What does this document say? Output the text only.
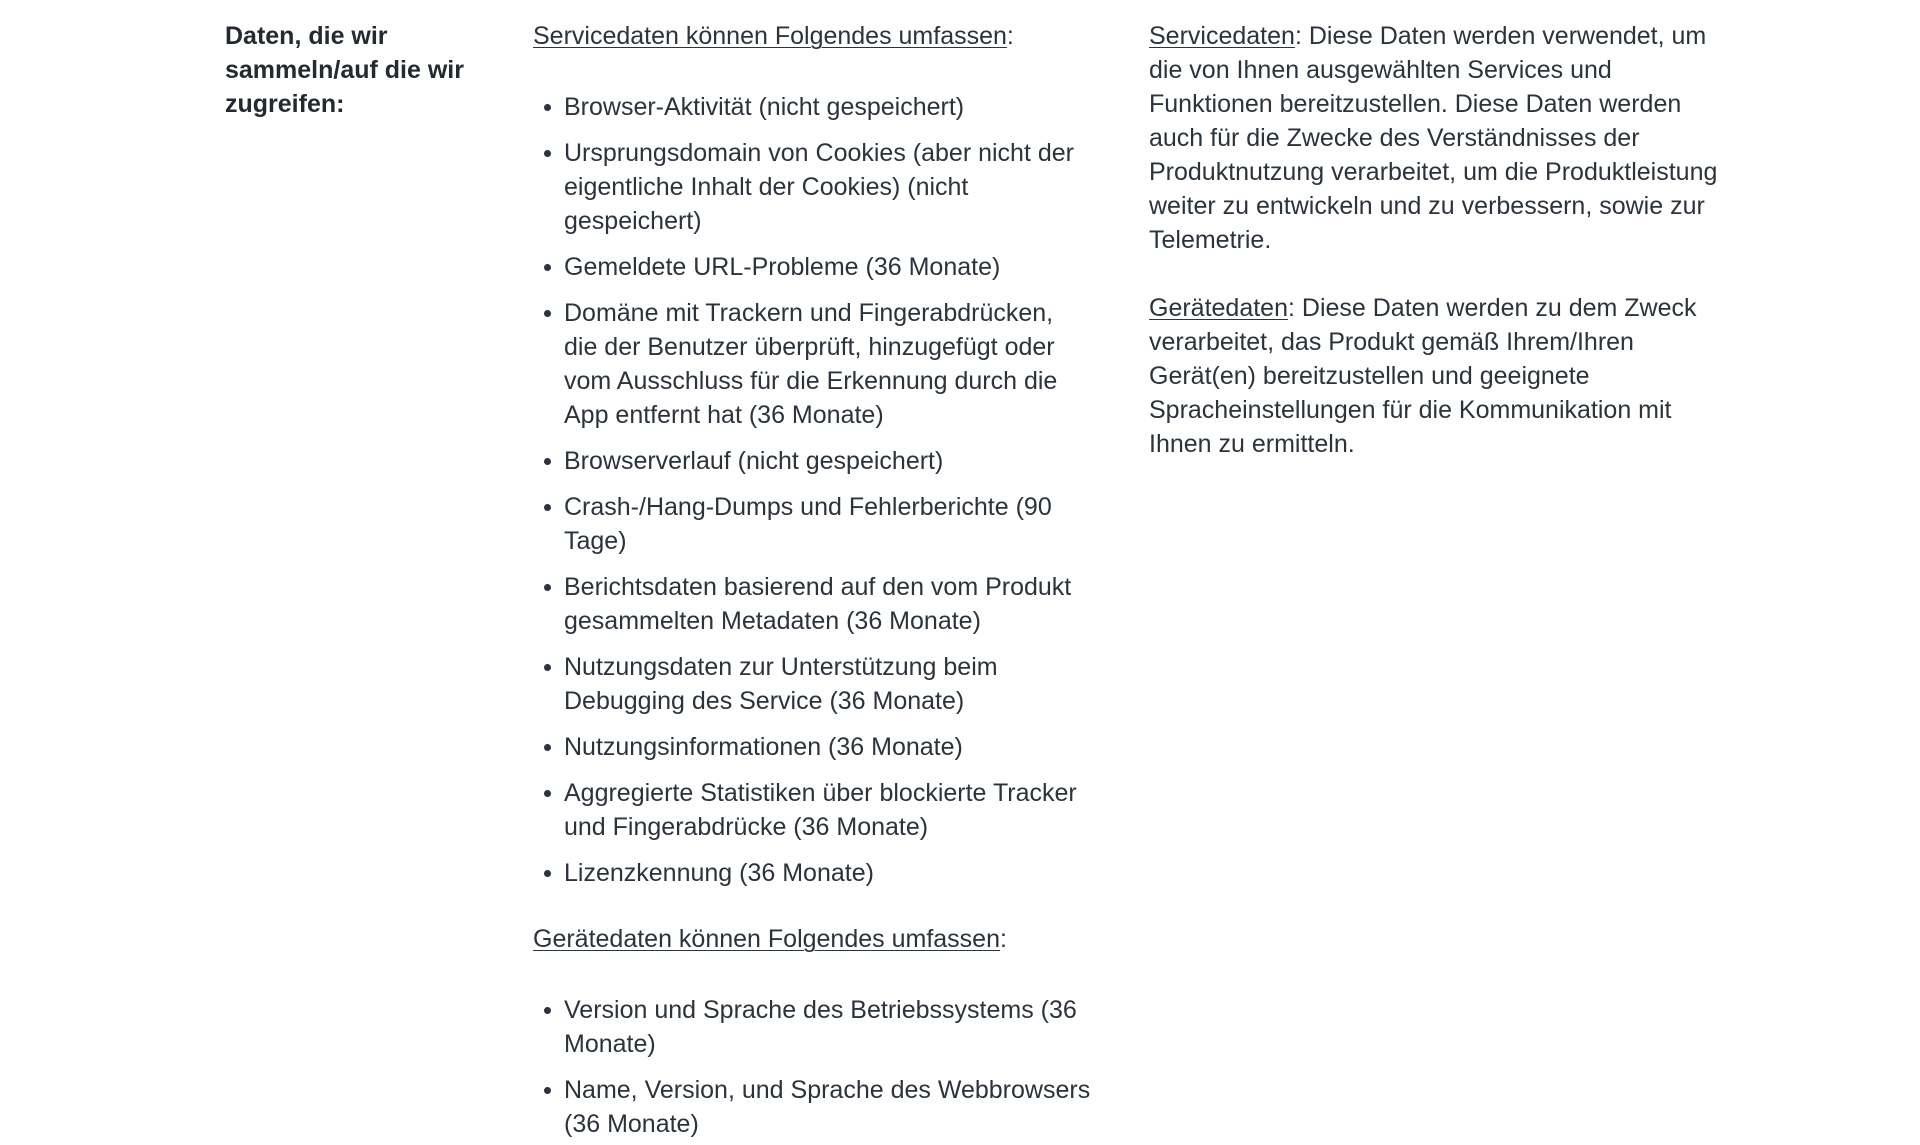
Daten, die wir sammeln/auf die wir zugreifen:

Servicedaten können Folgendes umfassen:

Browser-Aktivität (nicht gespeichert)
Ursprungsdomain von Cookies (aber nicht der eigentliche Inhalt der Cookies) (nicht gespeichert)
Gemeldete URL-Probleme (36 Monate)
Domäne mit Trackern und Fingerabdrücken, die der Benutzer überprüft, hinzugefügt oder vom Ausschluss für die Erkennung durch die App entfernt hat (36 Monate)
Browserverlauf (nicht gespeichert)
Crash-/Hang-Dumps und Fehlerberichte (90 Tage)
Berichtsdaten basierend auf den vom Produkt gesammelten Metadaten (36 Monate)
Nutzungsdaten zur Unterstützung beim Debugging des Service (36 Monate)
Nutzungsinformationen (36 Monate)
Aggregierte Statistiken über blockierte Tracker und Fingerabdrücke (36 Monate)
Lizenzkennung (36 Monate)

Gerätedaten können Folgendes umfassen:

Version und Sprache des Betriebssystems (36 Monate)
Name, Version, und Sprache des Webbrowsers (36 Monate)

Servicedaten: Diese Daten werden verwendet, um die von Ihnen ausgewählten Services und Funktionen bereitzustellen. Diese Daten werden auch für die Zwecke des Verständnisses der Produktnutzung verarbeitet, um die Produktleistung weiter zu entwickeln und zu verbessern, sowie zur Telemetrie.

Gerätedaten: Diese Daten werden zu dem Zweck verarbeitet, das Produkt gemäß Ihrem/Ihren Gerät(en) bereitzustellen und geeignete Spracheinstellungen für die Kommunikation mit Ihnen zu ermitteln.
